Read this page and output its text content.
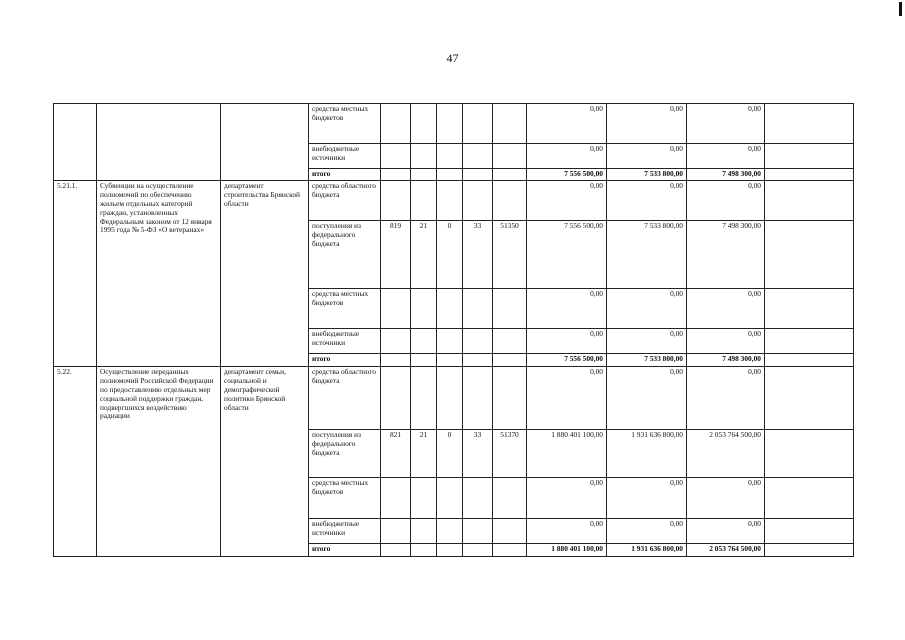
47
			средства местных бюджетов						0,00	0,00	0,00	
			внебюджетные источники						0,00	0,00	0,00	
			итого						7 556 500,00	7 533 800,00	7 498 300,00	
5.21.1.	Субвенции на осуществление полномочий по обеспечению жильем отдельных категорий граждан, установленных Федеральным законом от 12 января 1995 года № 5-ФЗ «О ветеранах»	департамент строительства Брянской области	средства областного бюджета						0,00	0,00	0,00	
			поступления из федерального бюджета	819	21	0	33	51350	7 556 500,00	7 533 800,00	7 498 300,00	
			средства местных бюджетов						0,00	0,00	0,00	
			внебюджетные источники						0,00	0,00	0,00	
			итого						7 556 500,00	7 533 800,00	7 498 300,00	
5.22.	Осуществление переданных полномочий Российской Федерации по предоставлению отдельных мер социальной поддержки граждан, подвергшихся воздействию радиации	департамент семьи, социальной и демографической политики Брянской области	средства областного бюджета						0,00	0,00	0,00	
			поступления из федерального бюджета	821	21	0	33	51370	1 880 401 100,00	1 931 636 800,00	2 053 764 500,00	
			средства местных бюджетов						0,00	0,00	0,00	
			внебюджетные источники						0,00	0,00	0,00	
			итого						1 880 401 100,00	1 931 636 800,00	2 053 764 500,00	
